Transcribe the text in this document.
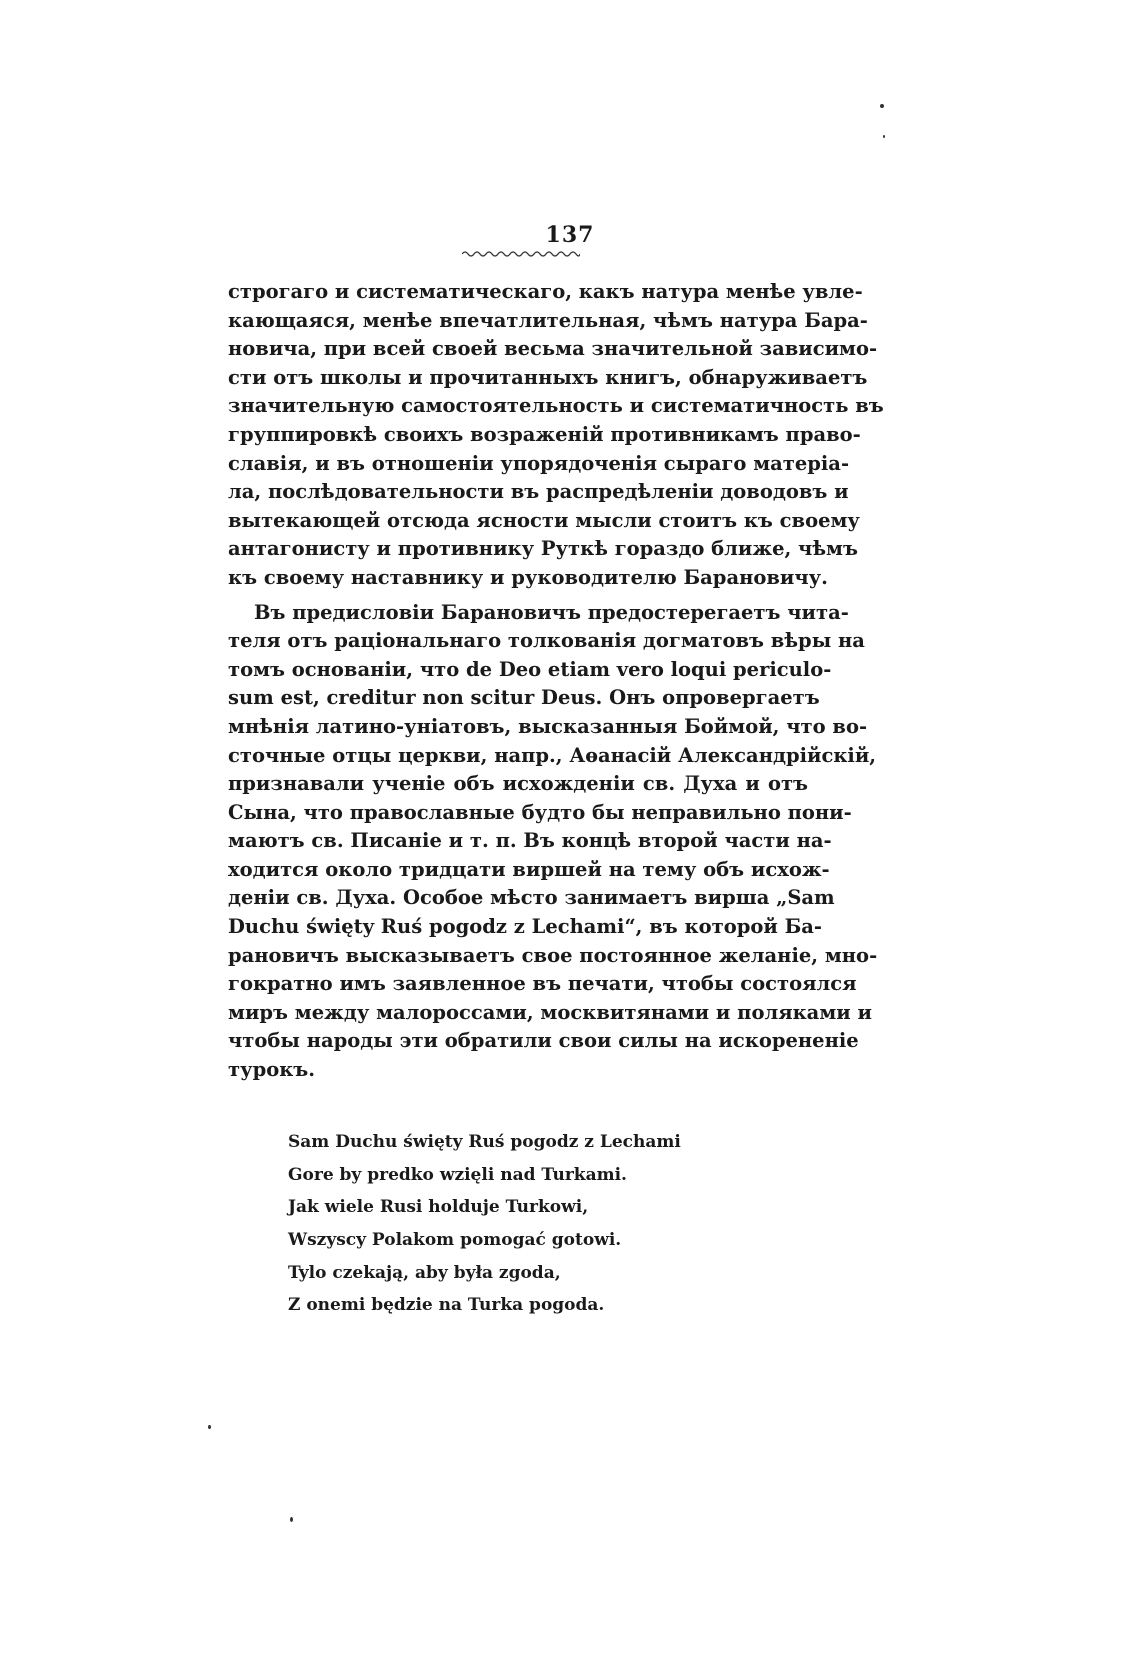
137
строгаго и систематическаго, какъ натура менѣе увле-
кающаяся, менѣе впечатлительная, чѣмъ натура Бара-
новича, при всей своей весьма значительной зависимо-
сти отъ школы и прочитанныхъ книгъ, обнаруживаетъ
значительную самостоятельность и систематичность въ
группировкѣ своихъ возраженій противникамъ право-
славія, и въ отношеніи упорядоченія сыраго матеріа-
ла, послѣдовательности въ распредѣленіи доводовъ и
вытекающей отсюда ясности мысли стоитъ къ своему
антагонисту и противнику Руткѣ гораздо ближе, чѣмъ
къ своему наставнику и руководителю Барановичу.
Въ предисловіи Барановичъ предостерегаетъ чита-
теля отъ раціональнаго толкованія догматовъ вѣры на
томъ основаніи, что de Deo etiam vero loqui periculo-
sum est, creditur non scitur Deus. Онъ опровергаетъ
мнѣнія латино-уніатовъ, высказанныя Боймой, что во-
сточные отцы церкви, напр., Аѳанасій Александрійскій,
признавали ученіе объ исхожденіи св. Духа и отъ
Сына, что православные будто бы неправильно пони-
маютъ св. Писаніе и т. п. Въ концѣ второй части на-
ходится около тридцати виршей на тему объ исхож-
деніи св. Духа. Особое мѣсто занимаетъ вирша „Sam
Duchu święty Ruś pogodz z Lechami“, въ которой Ба-
рановичъ высказываетъ свое постоянное желаніе, мно-
гократно имъ заявленное въ печати, чтобы состоялся
миръ между малороссами, москвитянами и поляками и
чтобы народы эти обратили свои силы на искорененіе
турокъ.
Sam Duchu święty Ruś pogodz z Lechami
Gore by predko wzięli nad Turkami.
Jak wiele Rusi holduje Turkowi,
Wszyscy Polakom pomogać gotowi.
Tylo czekają, aby była zgoda,
Z onemi będzie na Turka pogoda.
